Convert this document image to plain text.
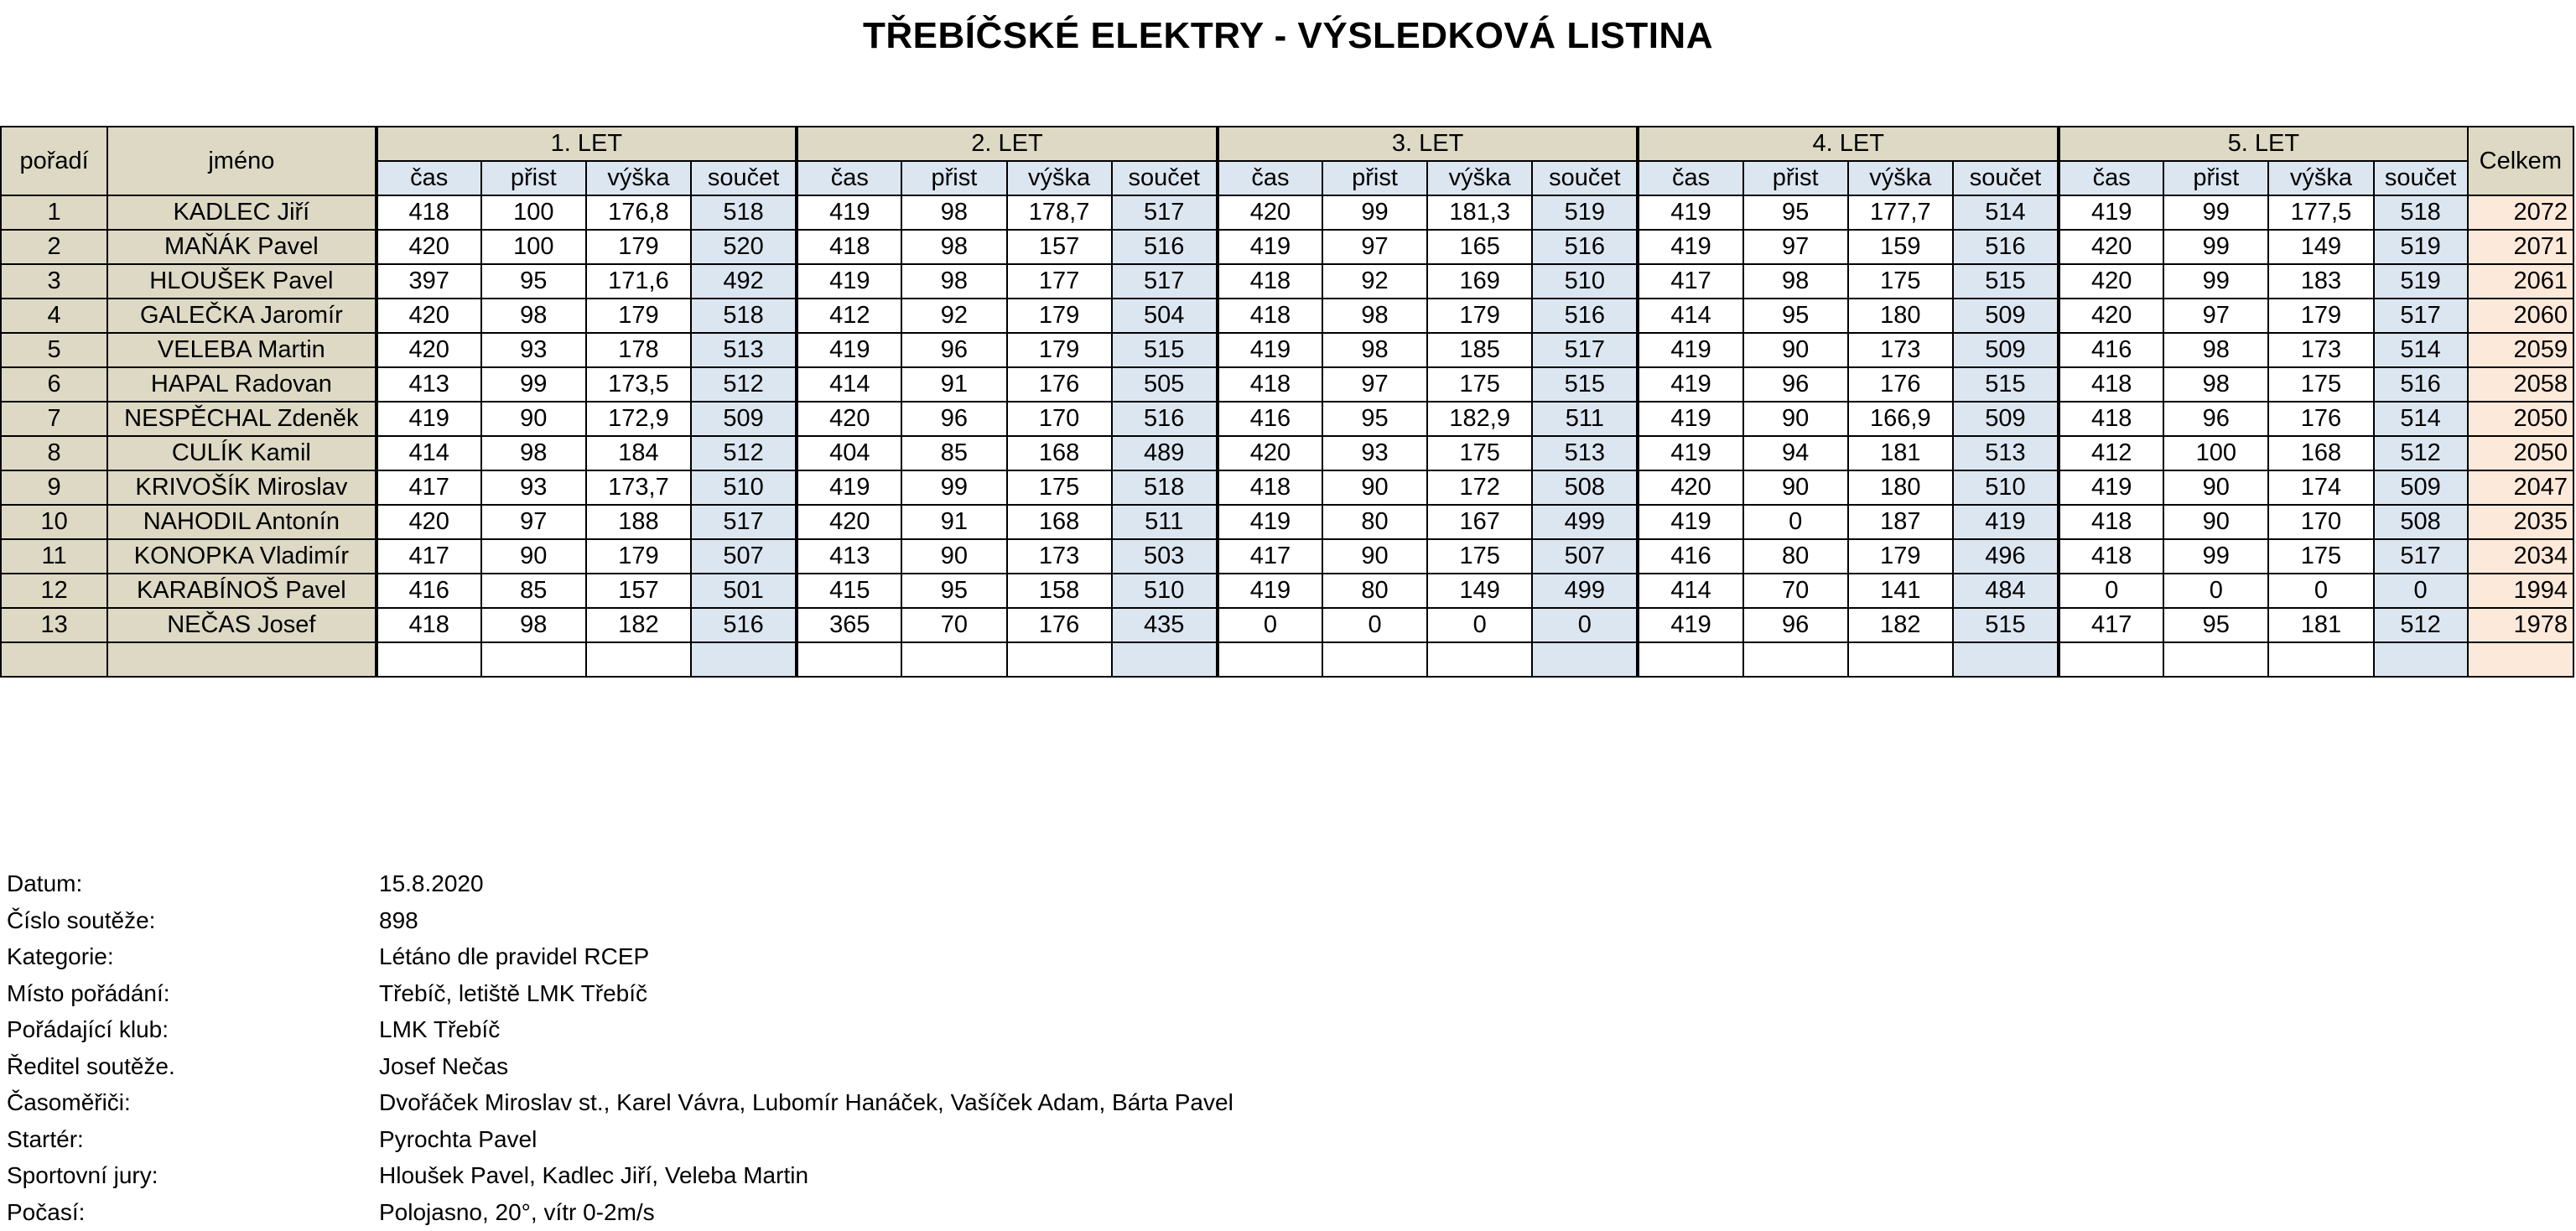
TŘEBÍČSKÉ ELEKTRY - VÝSLEDKOVÁ LISTINA
pořadí	jméno	1. LET				2. LET				3. LET				4. LET				5. LET				Celkem
		čas	přist	výška	součet	čas	přist	výška	součet	čas	přist	výška	součet	čas	přist	výška	součet	čas	přist	výška	součet	
1	KADLEC Jiří	418	100	176,8	518	419	98	178,7	517	420	99	181,3	519	419	95	177,7	514	419	99	177,5	518	2072
2	MAŇÁK Pavel	420	100	179	520	418	98	157	516	419	97	165	516	419	97	159	516	420	99	149	519	2071
3	HLOUŠEK Pavel	397	95	171,6	492	419	98	177	517	418	92	169	510	417	98	175	515	420	99	183	519	2061
4	GALEČKA Jaromír	420	98	179	518	412	92	179	504	418	98	179	516	414	95	180	509	420	97	179	517	2060
5	VELEBA Martin	420	93	178	513	419	96	179	515	419	98	185	517	419	90	173	509	416	98	173	514	2059
6	HAPAL Radovan	413	99	173,5	512	414	91	176	505	418	97	175	515	419	96	176	515	418	98	175	516	2058
7	NESPĚCHAL Zdeněk	419	90	172,9	509	420	96	170	516	416	95	182,9	511	419	90	166,9	509	418	96	176	514	2050
8	CULÍK Kamil	414	98	184	512	404	85	168	489	420	93	175	513	419	94	181	513	412	100	168	512	2050
9	KRIVOŠÍK Miroslav	417	93	173,7	510	419	99	175	518	418	90	172	508	420	90	180	510	419	90	174	509	2047
10	NAHODIL Antonín	420	97	188	517	420	91	168	511	419	80	167	499	419	0	187	419	418	90	170	508	2035
11	KONOPKA Vladimír	417	90	179	507	413	90	173	503	417	90	175	507	416	80	179	496	418	99	175	517	2034
12	KARABÍNOŠ Pavel	416	85	157	501	415	95	158	510	419	80	149	499	414	70	141	484	0	0	0	0	1994
13	NEČAS Josef	418	98	182	516	365	70	176	435	0	0	0	0	419	96	182	515	417	95	181	512	1978

Datum:	15.8.2020
Číslo soutěže:	898
Kategorie:	Létáno dle pravidel RCEP
Místo pořádání:	Třebíč, letiště LMK Třebíč
Pořádající klub:	LMK Třebíč
Ředitel soutěže.	Josef Nečas
Časoměřiči:	Dvořáček Miroslav st., Karel Vávra, Lubomír Hanáček, Vašíček Adam, Bárta Pavel
Startér:	Pyrochta Pavel
Sportovní jury:	Hloušek Pavel, Kadlec Jiří, Veleba Martin
Počasí:	Polojasno, 20°, vítr 0-2m/s
